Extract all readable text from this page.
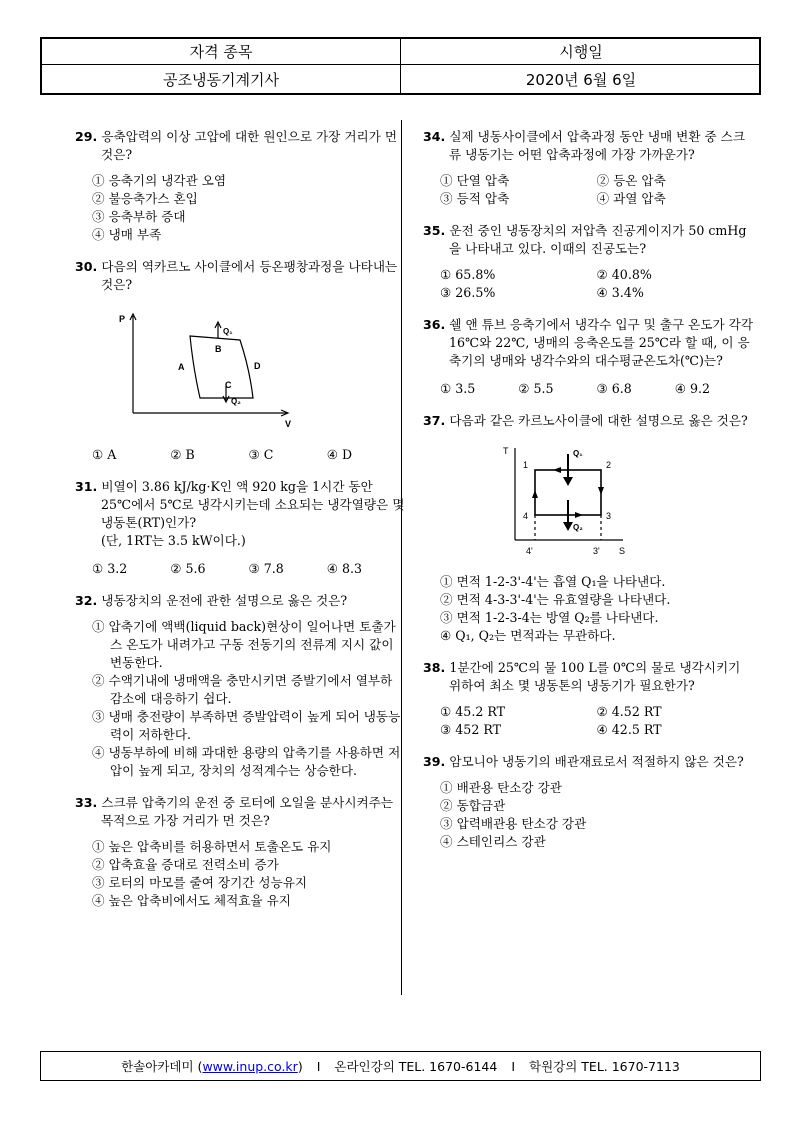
자격 종목	시행일
공조냉동기계기사	2020년 6월 6일
29. 응축압력의 이상 고압에 대한 원인으로 가장 거리가 먼 것은?
① 응축기의 냉각관 오염
② 불응축가스 혼입
③ 응축부하 증대
④ 냉매 부족
30. 다음의 역카르노 사이클에서 등온팽창과정을 나타내는 것은?
P
V
A
B
C
D
Q₁
Q₂
① A	② B	③ C	④ D
31. 비열이 3.86 kJ/kg·K인 액 920 kg을 1시간 동안 25℃에서 5℃로 냉각시키는데 소요되는 냉각열량은 몇 냉동톤(RT)인가?
(단, 1RT는 3.5 kW이다.)
① 3.2	② 5.6	③ 7.8	④ 8.3
32. 냉동장치의 운전에 관한 설명으로 옳은 것은?
① 압축기에 액백(liquid back)현상이 일어나면 토출가스 온도가 내려가고 구동 전동기의 전류계 지시 값이 변동한다.
② 수액기내에 냉매액을 충만시키면 증발기에서 열부하 감소에 대응하기 쉽다.
③ 냉매 충전량이 부족하면 증발압력이 높게 되어 냉동능력이 저하한다.
④ 냉동부하에 비해 과대한 용량의 압축기를 사용하면 저압이 높게 되고, 장치의 성적계수는 상승한다.
33. 스크류 압축기의 운전 중 로터에 오일을 분사시켜주는 목적으로 가장 거리가 먼 것은?
① 높은 압축비를 허용하면서 토출온도 유지
② 압축효율 증대로 전력소비 증가
③ 로터의 마모를 줄여 장기간 성능유지
④ 높은 압축비에서도 체적효율 유지
34. 실제 냉동사이클에서 압축과정 동안 냉매 변환 중 스크류 냉동기는 어떤 압축과정에 가장 가까운가?
① 단열 압축	② 등온 압축
③ 등적 압축	④ 과열 압축
35. 운전 중인 냉동장치의 저압측 진공게이지가 50 cmHg을 나타내고 있다. 이때의 진공도는?
① 65.8%	② 40.8%
③ 26.5%	④ 3.4%
36. 쉘 앤 튜브 응축기에서 냉각수 입구 및 출구 온도가 각각 16℃와 22℃, 냉매의 응축온도를 25℃라 할 때, 이 응축기의 냉매와 냉각수와의 대수평균온도차(℃)는?
① 3.5	② 5.5	③ 6.8	④ 9.2
37. 다음과 같은 카르노사이클에 대한 설명으로 옳은 것은?
T
S
1	2
3
4
4'	3'
Q₁
Q₂
① 면적 1-2-3'-4'는 흡열 Q₁을 나타낸다.
② 면적 4-3-3'-4'는 유효열량을 나타낸다.
③ 면적 1-2-3-4는 방열 Q₂를 나타낸다.
④ Q₁, Q₂는 면적과는 무관하다.
38. 1분간에 25℃의 물 100 L를 0℃의 물로 냉각시키기 위하여 최소 몇 냉동톤의 냉동기가 필요한가?
① 45.2 RT	② 4.52 RT
③ 452 RT	④ 42.5 RT
39. 암모니아 냉동기의 배관재료로서 적절하지 않은 것은?
① 배관용 탄소강 강관
② 동합금관
③ 압력배관용 탄소강 강관
④ 스테인리스 강관
한솔아카데미 ( www.inup.co.kr ) I 온라인강의 TEL. 1670-6144 I 학원강의 TEL. 1670-7113
